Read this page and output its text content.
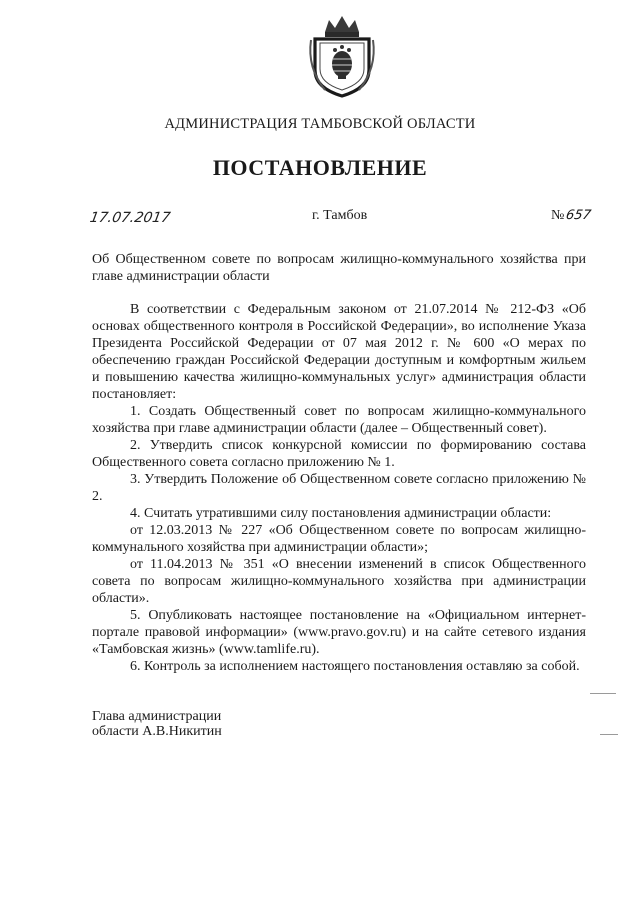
АДМИНИСТРАЦИЯ ТАМБОВСКОЙ ОБЛАСТИ
ПОСТАНОВЛЕНИЕ
17.07.2017	г. Тамбов	№657
Об Общественном совете по вопросам жилищно-коммунального хозяйства при главе администрации области

В соответствии с Федеральным законом от 21.07.2014 № 212-ФЗ «Об основах общественного контроля в Российской Федерации», во исполнение Указа Президента Российской Федерации от 07 мая 2012 г. № 600 «О мерах по обеспечению граждан Российской Федерации доступным и комфортным жильем и повышению качества жилищно-коммунальных услуг» администрация области постановляет:

1. Создать Общественный совет по вопросам жилищно-коммунального хозяйства при главе администрации области (далее – Общественный совет).

2. Утвердить список конкурсной комиссии по формированию состава Общественного совета согласно приложению № 1.

3. Утвердить Положение об Общественном совете согласно приложению № 2.

4. Считать утратившими силу постановления администрации области:

от 12.03.2013 № 227 «Об Общественном совете по вопросам жилищно-коммунального хозяйства при администрации области»;

от 11.04.2013 № 351 «О внесении изменений в список Общественного совета по вопросам жилищно-коммунального хозяйства при администрации области».

5. Опубликовать настоящее постановление на «Официальном интернет-портале правовой информации» (www.pravo.gov.ru) и на сайте сетевого издания «Тамбовская жизнь» (www.tamlife.ru).

6. Контроль за исполнением настоящего постановления оставляю за собой.

Глава администрации
области А.В.Никитин
